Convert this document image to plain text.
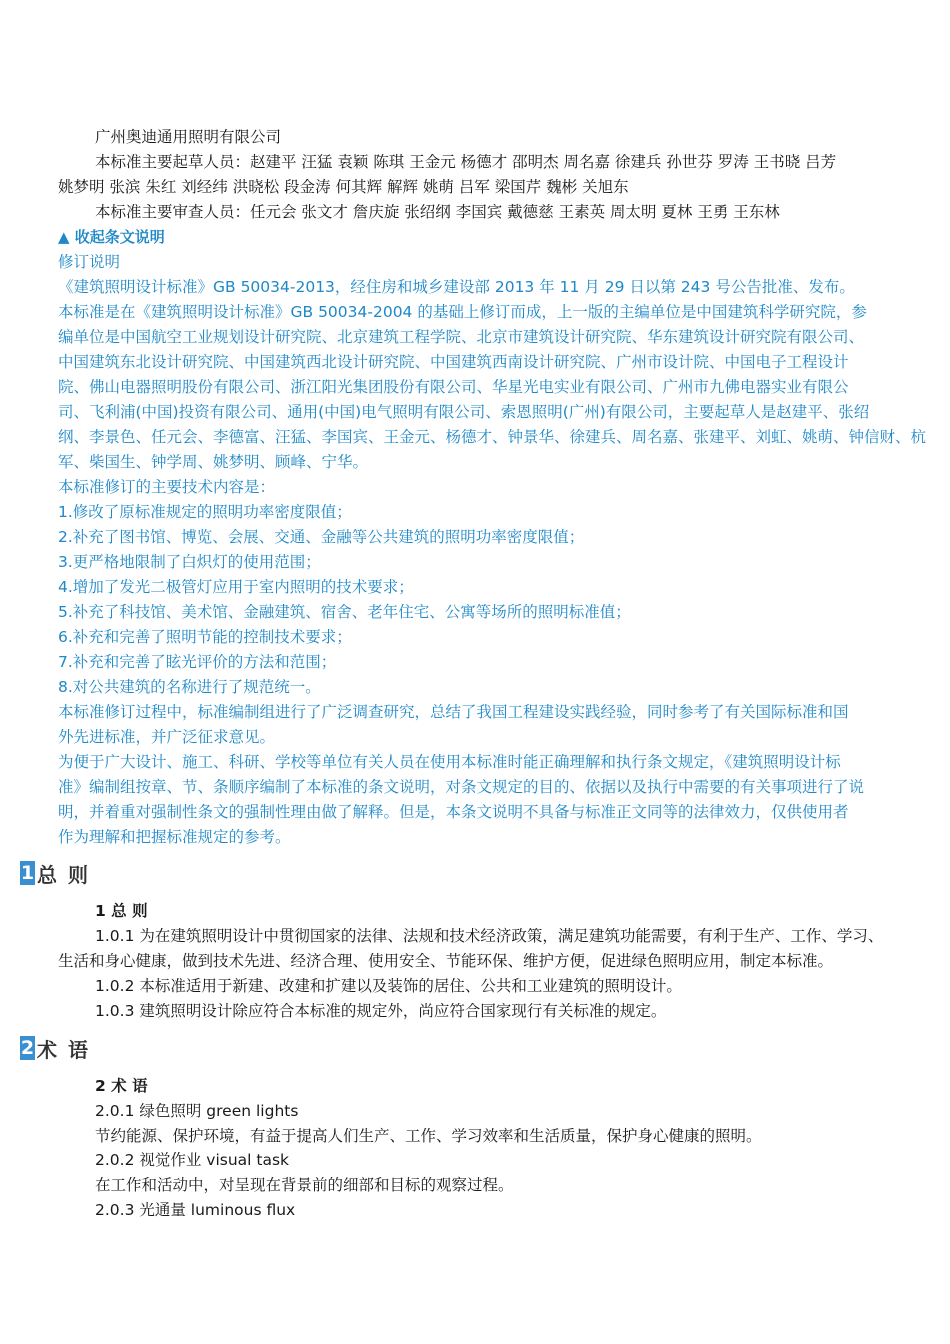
广州奥迪通用照明有限公司
本标准主要起草人员：赵建平 汪猛 袁颖 陈琪 王金元 杨德才 邵明杰 周名嘉 徐建兵 孙世芬 罗涛 王书晓 吕芳
姚梦明 张滨 朱红 刘经纬 洪晓松 段金涛 何其辉 解辉 姚萌 吕军 梁国芹 魏彬 关旭东
本标准主要审查人员：任元会 张文才 詹庆旋 张绍纲 李国宾 戴德慈 王素英 周太明 夏林 王勇 王东林
▲ 收起条文说明
修订说明
《建筑照明设计标准》GB 50034-2013，经住房和城乡建设部 2013 年 11 月 29 日以第 243 号公告批准、发布。
本标准是在《建筑照明设计标准》GB 50034-2004 的基础上修订而成，上一版的主编单位是中国建筑科学研究院，参
编单位是中国航空工业规划设计研究院、北京建筑工程学院、北京市建筑设计研究院、华东建筑设计研究院有限公司、
中国建筑东北设计研究院、中国建筑西北设计研究院、中国建筑西南设计研究院、广州市设计院、中国电子工程设计
院、佛山电器照明股份有限公司、浙江阳光集团股份有限公司、华星光电实业有限公司、广州市九佛电器实业有限公
司、飞利浦(中国)投资有限公司、通用(中国)电气照明有限公司、索恩照明(广州)有限公司，主要起草人是赵建平、张绍
纲、李景色、任元会、李德富、汪猛、李国宾、王金元、杨德才、钟景华、徐建兵、周名嘉、张建平、刘虹、姚萌、钟信财、杭
军、柴国生、钟学周、姚梦明、顾峰、宁华。
本标准修订的主要技术内容是：
1.修改了原标准规定的照明功率密度限值；
2.补充了图书馆、博览、会展、交通、金融等公共建筑的照明功率密度限值；
3.更严格地限制了白炽灯的使用范围；
4.增加了发光二极管灯应用于室内照明的技术要求；
5.补充了科技馆、美术馆、金融建筑、宿舍、老年住宅、公寓等场所的照明标准值；
6.补充和完善了照明节能的控制技术要求；
7.补充和完善了眩光评价的方法和范围；
8.对公共建筑的名称进行了规范统一。
本标准修订过程中，标准编制组进行了广泛调查研究，总结了我国工程建设实践经验，同时参考了有关国际标准和国
外先进标准，并广泛征求意见。
为便于广大设计、施工、科研、学校等单位有关人员在使用本标准时能正确理解和执行条文规定，《建筑照明设计标
准》编制组按章、节、条顺序编制了本标准的条文说明，对条文规定的目的、依据以及执行中需要的有关事项进行了说
明，并着重对强制性条文的强制性理由做了解释。但是，本条文说明不具备与标准正文同等的法律效力，仅供使用者
作为理解和把握标准规定的参考。
1 总 则
1 总 则
1.0.1 为在建筑照明设计中贯彻国家的法律、法规和技术经济政策，满足建筑功能需要，有利于生产、工作、学习、
生活和身心健康，做到技术先进、经济合理、使用安全、节能环保、维护方便，促进绿色照明应用，制定本标准。
1.0.2 本标准适用于新建、改建和扩建以及装饰的居住、公共和工业建筑的照明设计。
1.0.3 建筑照明设计除应符合本标准的规定外，尚应符合国家现行有关标准的规定。
2 术 语
2 术 语
2.0.1 绿色照明 green lights
节约能源、保护环境，有益于提高人们生产、工作、学习效率和生活质量，保护身心健康的照明。
2.0.2 视觉作业 visual task
在工作和活动中，对呈现在背景前的细部和目标的观察过程。
2.0.3 光通量 luminous flux
